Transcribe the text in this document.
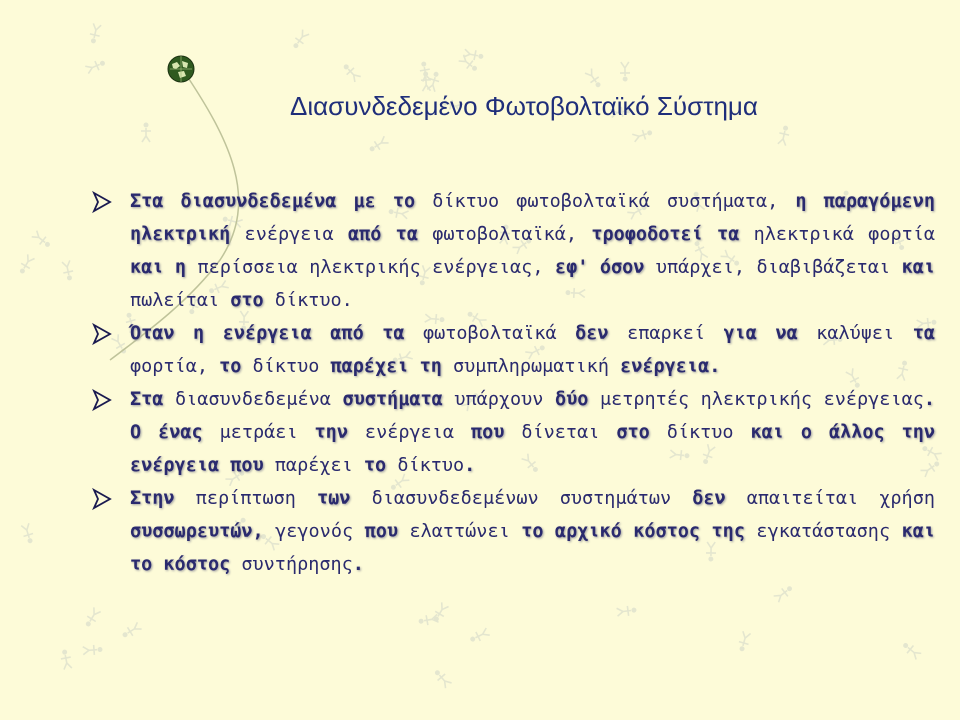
Διασυνδεδεμένο Φωτοβολταϊκό Σύστημα
Στα διασυνδεδεμένα με το δίκτυο φωτοβολταϊκά συστήματα, η παραγόμενη ηλεκτρική ενέργεια από τα φωτοβολταϊκά, τροφοδοτεί τα ηλεκτρικά φορτία και η περίσσεια ηλεκτρικής ενέργειας, εφ' όσον υπάρχει, διαβιβάζεται και πωλείται στο δίκτυο.
Όταν η ενέργεια από τα φωτοβολταϊκά δεν επαρκεί για να καλύψει τα φορτία, το δίκτυο παρέχει τη συμπληρωματική ενέργεια.
Στα διασυνδεδεμένα συστήματα υπάρχουν δύο μετρητές ηλεκτρικής ενέργειας. Ο ένας μετράει την ενέργεια που δίνεται στο δίκτυο και ο άλλος την ενέργεια που παρέχει το δίκτυο.
Στην περίπτωση των διασυνδεδεμένων συστημάτων δεν απαιτείται χρήση συσσωρευτών, γεγονός που ελαττώνει το αρχικό κόστος της εγκατάστασης και το κόστος συντήρησης.
